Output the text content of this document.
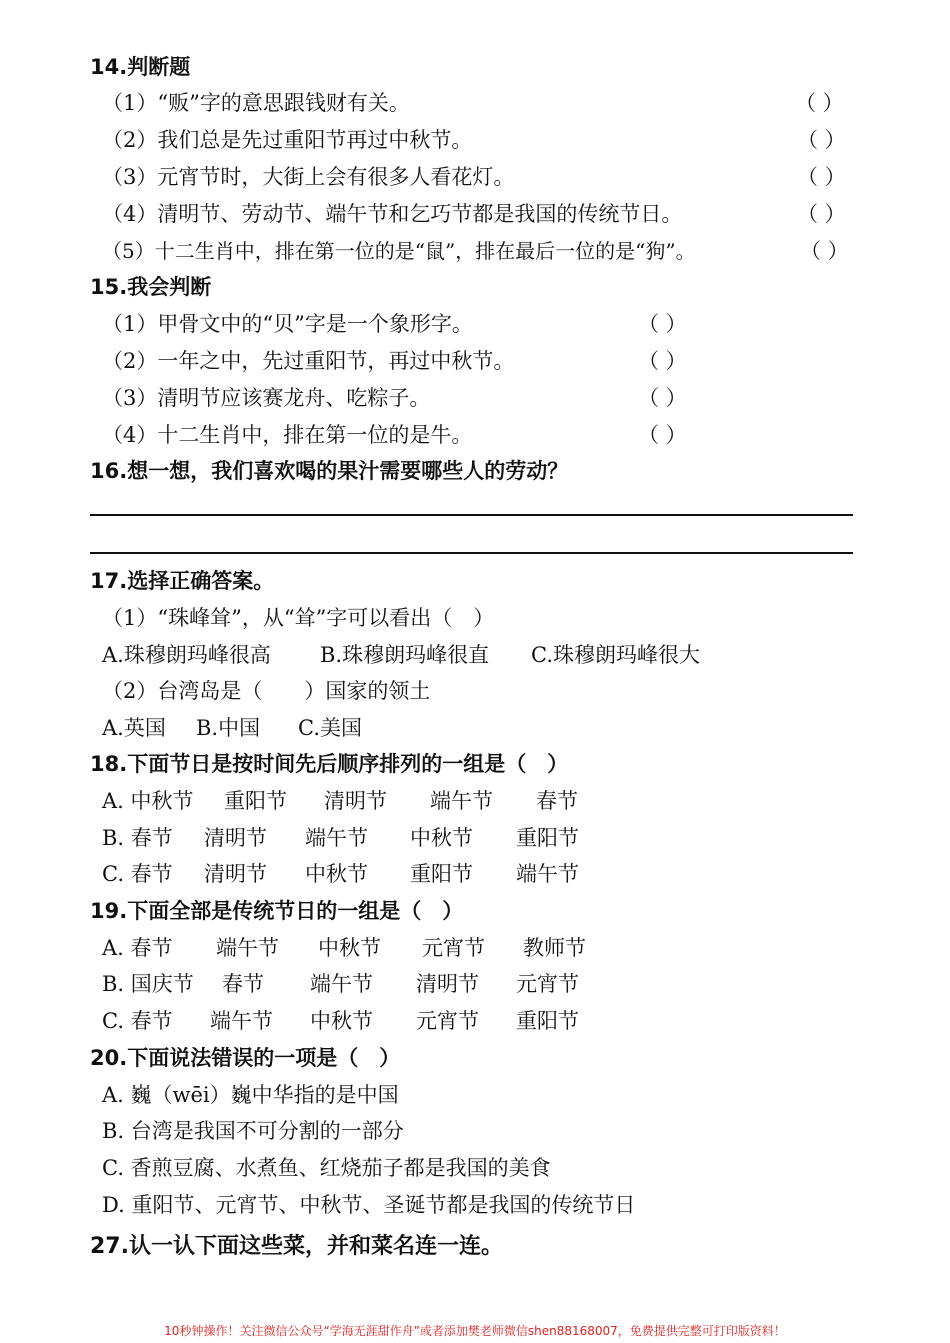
14.判断题
（1）“贩”字的意思跟钱财有关。	（ ）
（2）我们总是先过重阳节再过中秋节。	（ ）
（3）元宵节时，大街上会有很多人看花灯。	（ ）
（4）清明节、劳动节、端午节和乞巧节都是我国的传统节日。	（ ）
（5）十二生肖中，排在第一位的是“鼠”，排在最后一位的是“狗”。	（ ）
15.我会判断
（1）甲骨文中的“贝”字是一个象形字。	（ ）
（2）一年之中，先过重阳节，再过中秋节。	（ ）
（3）清明节应该赛龙舟、吃粽子。	（ ）
（4）十二生肖中，排在第一位的是牛。	（ ）
16.想一想，我们喜欢喝的果汁需要哪些人的劳动？
17.选择正确答案。
（1）“珠峰耸”，从“耸”字可以看出（　）
A.珠穆朗玛峰很高 B.珠穆朗玛峰很直 C.珠穆朗玛峰很大
（2）台湾岛是（　　）国家的领土
A.英国 B.中国 C.美国
18.下面节日是按时间先后顺序排列的一组是（　）
A. 中秋节 重阳节 清明节 端午节 春节
B. 春节 清明节 端午节 中秋节 重阳节
C. 春节 清明节 中秋节 重阳节 端午节
19.下面全部是传统节日的一组是（　）
A. 春节 端午节 中秋节 元宵节 教师节
B. 国庆节 春节 端午节 清明节 元宵节
C. 春节 端午节 中秋节 元宵节 重阳节
20.下面说法错误的一项是（　）
A. 巍（wēi）巍中华指的是中国
B. 台湾是我国不可分割的一部分
C. 香煎豆腐、水煮鱼、红烧茄子都是我国的美食
D. 重阳节、元宵节、中秋节、圣诞节都是我国的传统节日
27.认一认下面这些菜，并和菜名连一连。
10秒钟操作！关注微信公众号“学海无涯甜作舟”或者添加樊老师微信shen88168007，免费提供完整可打印版资料！
